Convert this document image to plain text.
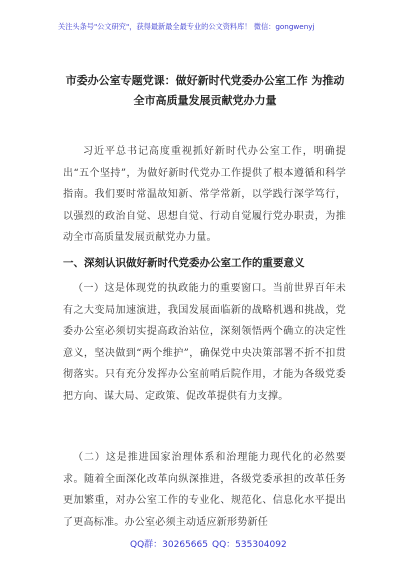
关注头条号"公文研究"，获得最新最全最专业的公文资料库！ 微信：gongwenyj
市委办公室专题党课：做好新时代党委办公室工作 为推动
全市高质量发展贡献党办力量
习近平总书记高度重视抓好新时代办公室工作，明确提出“五个坚持”，为做好新时代党办工作提供了根本遵循和科学指南。我们要时常温故知新、常学常新，以学践行深学笃行，以强烈的政治自觉、思想自觉、行动自觉履行党办职责，为推动全市高质量发展贡献党办力量。
一、深刻认识做好新时代党委办公室工作的重要意义
（一）这是体现党的执政能力的重要窗口。当前世界百年未有之大变局加速演进，我国发展面临新的战略机遇和挑战，党委办公室必须切实提高政治站位，深刻领悟两个确立的决定性意义，坚决做到“两个维护”，确保党中央决策部署不折不扣贯彻落实。只有充分发挥办公室前哨后院作用，才能为各级党委把方向、谋大局、定政策、促改革提供有力支撑。
（二）这是推进国家治理体系和治理能力现代化的必然要求。随着全面深化改革向纵深推进，各级党委承担的改革任务更加繁重，对办公室工作的专业化、规范化、信息化水平提出了更高标准。办公室必须主动适应新形势新任
QQ群：30265665 QQ：535304092
